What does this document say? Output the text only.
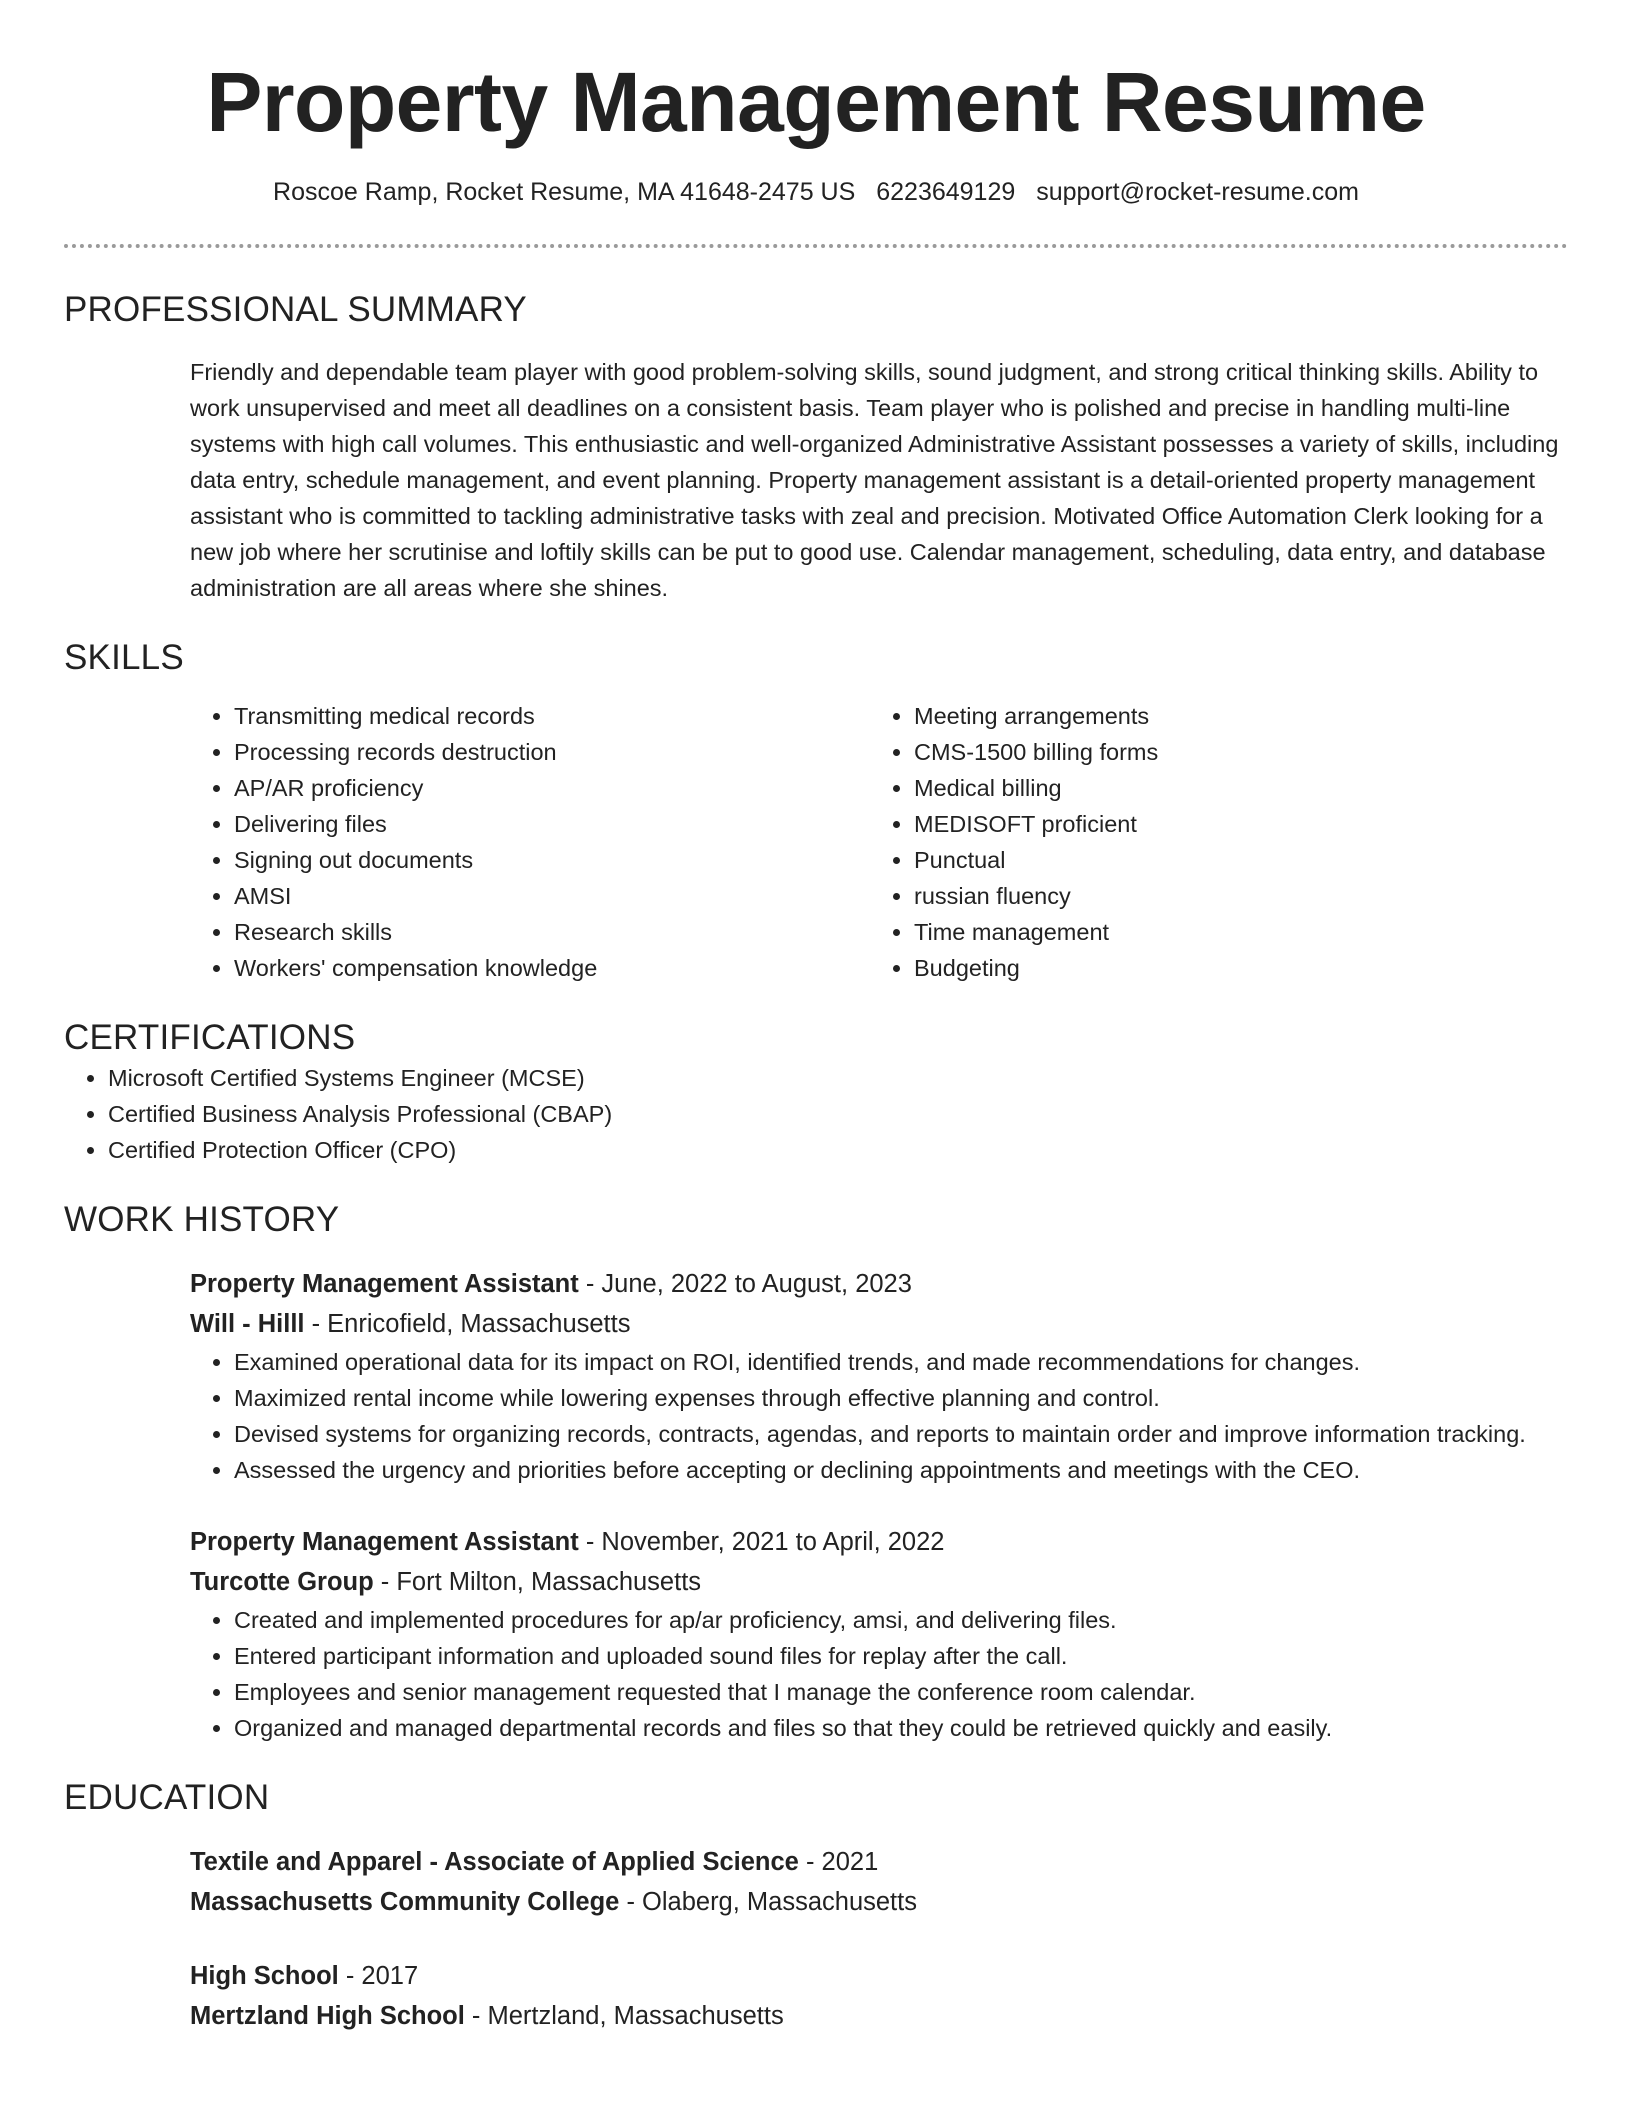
Property Management Resume
Roscoe Ramp, Rocket Resume, MA 41648-2475 US 6223649129 support@rocket-resume.com
PROFESSIONAL SUMMARY

Friendly and dependable team player with good problem-solving skills, sound judgment, and strong critical thinking skills. Ability to work unsupervised and meet all deadlines on a consistent basis. Team player who is polished and precise in handling multi-line systems with high call volumes. This enthusiastic and well-organized Administrative Assistant possesses a variety of skills, including data entry, schedule management, and event planning. Property management assistant is a detail-oriented property management assistant who is committed to tackling administrative tasks with zeal and precision. Motivated Office Automation Clerk looking for a new job where her scrutinise and loftily skills can be put to good use. Calendar management, scheduling, data entry, and database administration are all areas where she shines.

SKILLS
• Transmitting medical records
• Processing records destruction
• AP/AR proficiency
• Delivering files
• Signing out documents
• AMSI
• Research skills
• Workers' compensation knowledge
• Meeting arrangements
• CMS-1500 billing forms
• Medical billing
• MEDISOFT proficient
• Punctual
• russian fluency
• Time management
• Budgeting
CERTIFICATIONS
• Microsoft Certified Systems Engineer (MCSE)
• Certified Business Analysis Professional (CBAP)
• Certified Protection Officer (CPO)
WORK HISTORY
Property Management Assistant - June, 2022 to August, 2023
Will - Hilll - Enricofield, Massachusetts
• Examined operational data for its impact on ROI, identified trends, and made recommendations for changes.
• Maximized rental income while lowering expenses through effective planning and control.
• Devised systems for organizing records, contracts, agendas, and reports to maintain order and improve information tracking.
• Assessed the urgency and priorities before accepting or declining appointments and meetings with the CEO.
Property Management Assistant - November, 2021 to April, 2022
Turcotte Group - Fort Milton, Massachusetts
• Created and implemented procedures for ap/ar proficiency, amsi, and delivering files.
• Entered participant information and uploaded sound files for replay after the call.
• Employees and senior management requested that I manage the conference room calendar.
• Organized and managed departmental records and files so that they could be retrieved quickly and easily.
EDUCATION
Textile and Apparel - Associate of Applied Science - 2021
Massachusetts Community College - Olaberg, Massachusetts
High School - 2017
Mertzland High School - Mertzland, Massachusetts
